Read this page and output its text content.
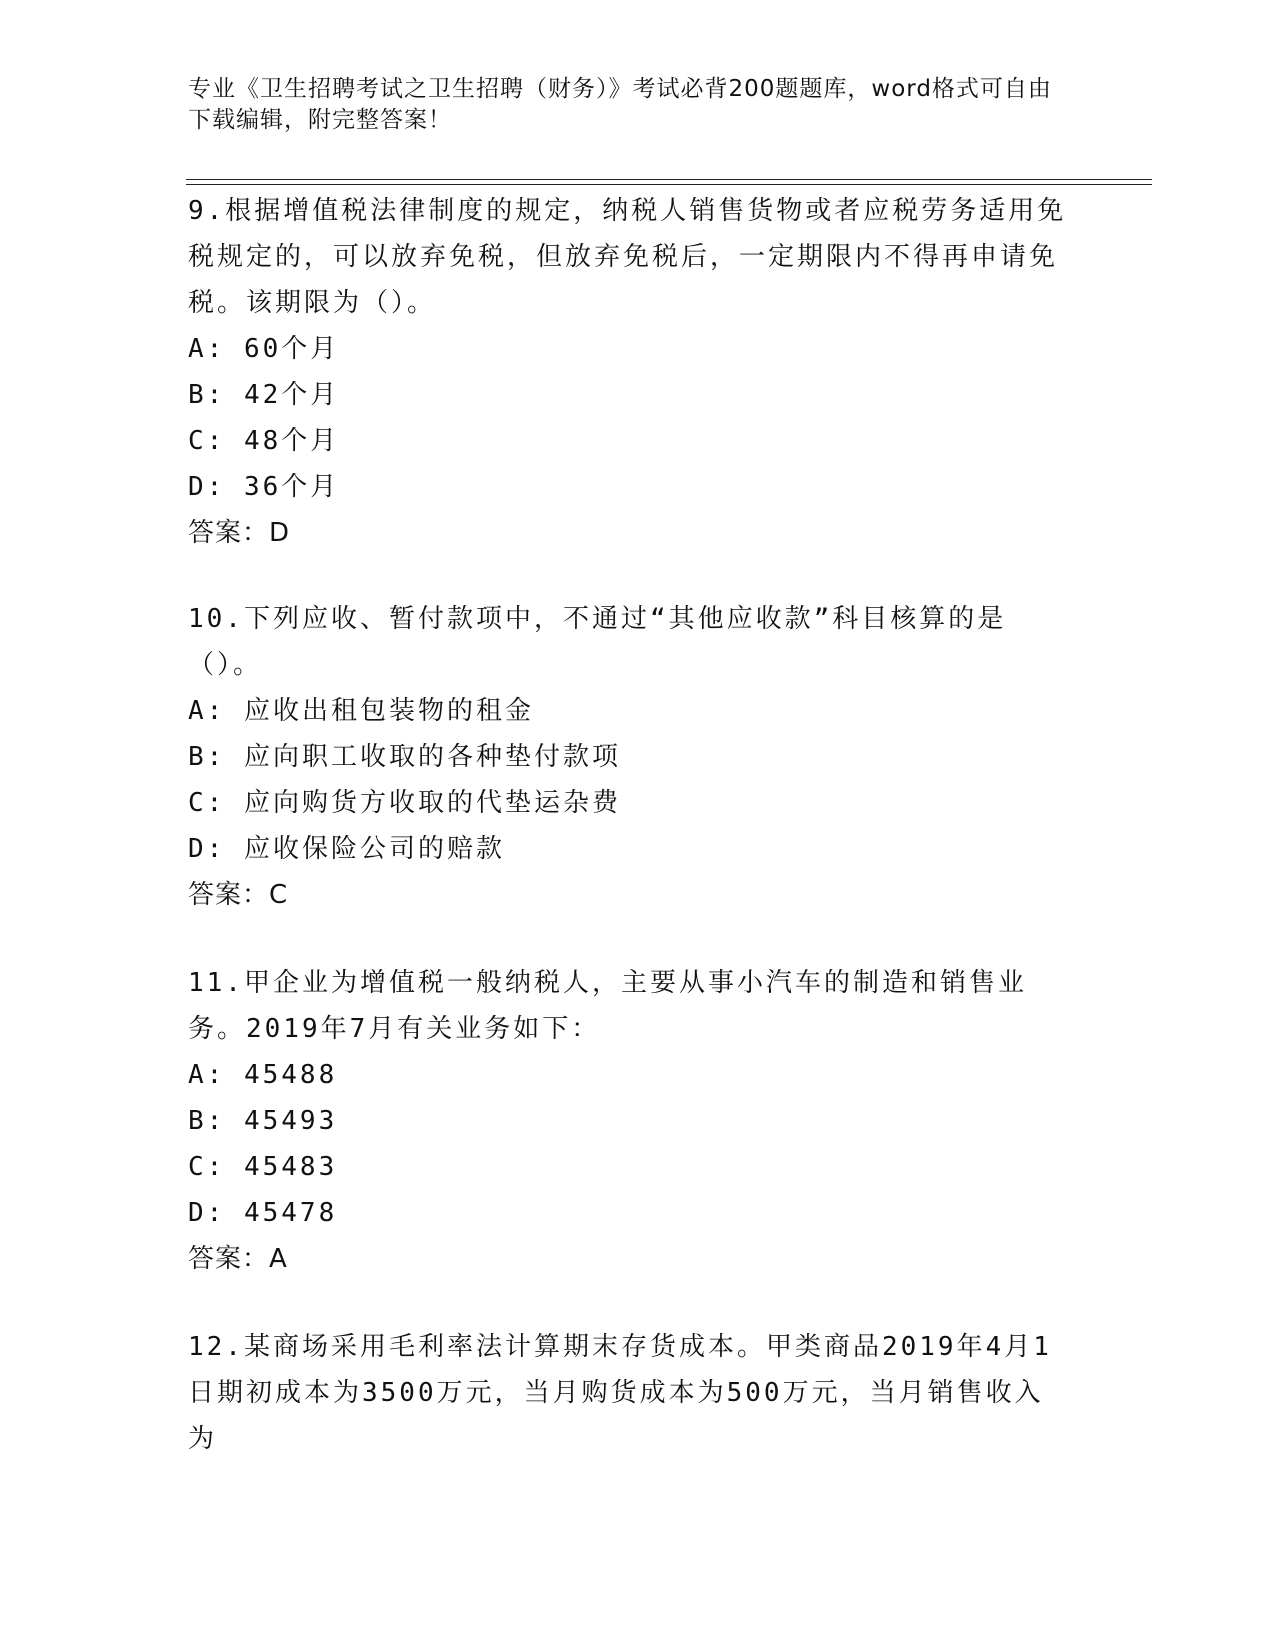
专业《卫生招聘考试之卫生招聘（财务）》考试必背200题题库，word格式可自由下载编辑，附完整答案！
9.根据增值税法律制度的规定，纳税人销售货物或者应税劳务适用免税规定的，可以放弃免税，但放弃免税后，一定期限内不得再申请免税。该期限为（）。
A: 60个月
B: 42个月
C: 48个月
D: 36个月
答案：D
10.下列应收、暂付款项中，不通过“其他应收款”科目核算的是（）。
A: 应收出租包装物的租金
B: 应向职工收取的各种垫付款项
C: 应向购货方收取的代垫运杂费
D: 应收保险公司的赔款
答案：C
11.甲企业为增值税一般纳税人，主要从事小汽车的制造和销售业务。2019年7月有关业务如下：
A: 45488
B: 45493
C: 45483
D: 45478
答案：A
12.某商场采用毛利率法计算期末存货成本。甲类商品2019年4月1日期初成本为3500万元，当月购货成本为500万元，当月销售收入为
